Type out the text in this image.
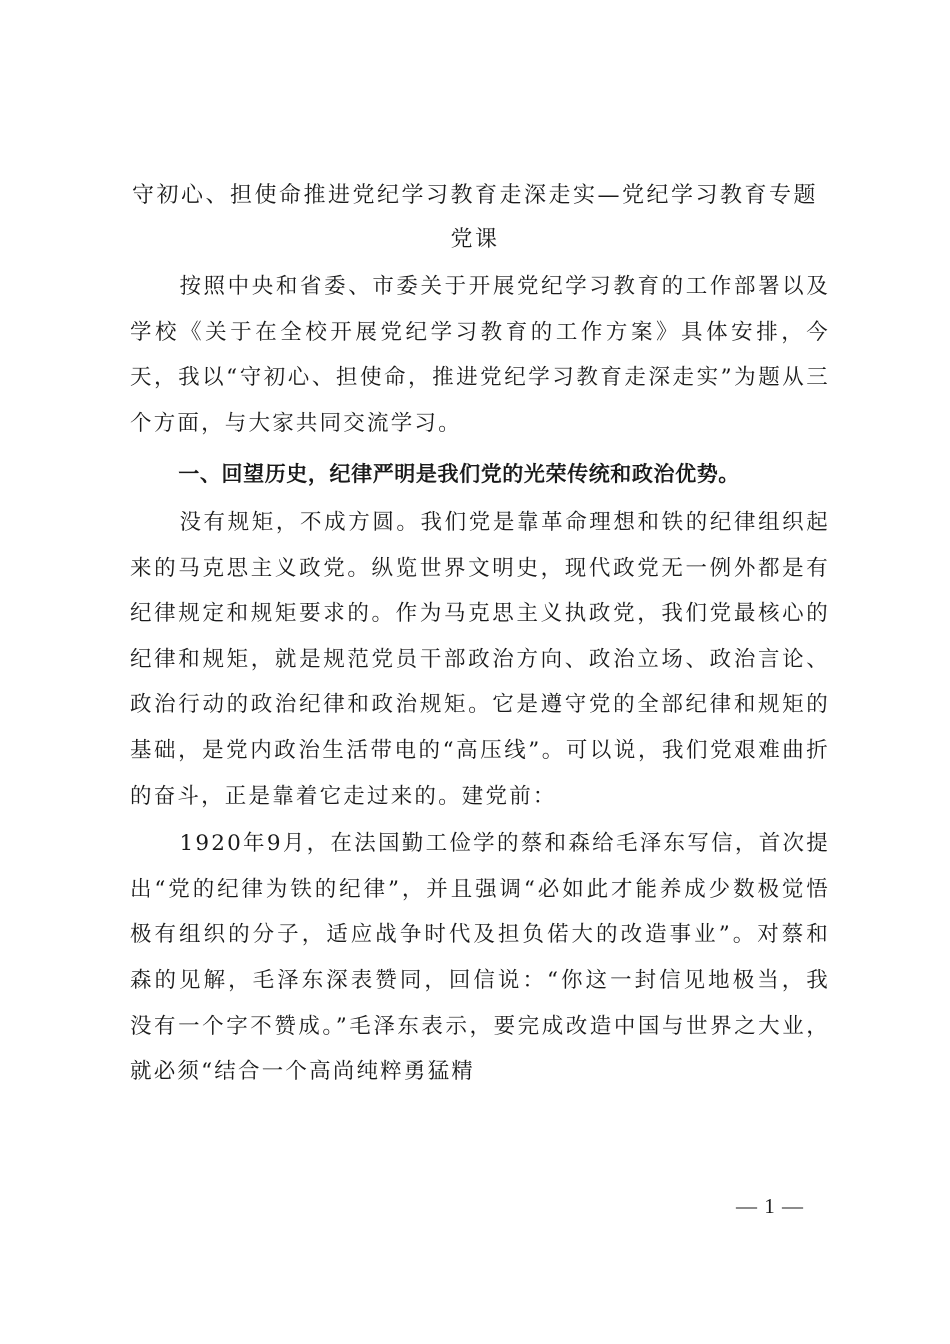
守初心、担使命推进党纪学习教育走深走实—党纪学习教育专题党课

按照中央和省委、市委关于开展党纪学习教育的工作部署以及学校《关于在全校开展党纪学习教育的工作方案》具体安排，今天，我以“守初心、担使命，推进党纪学习教育走深走实”为题从三个方面，与大家共同交流学习。

一、回望历史，纪律严明是我们党的光荣传统和政治优势。

没有规矩，不成方圆。我们党是靠革命理想和铁的纪律组织起来的马克思主义政党。纵览世界文明史，现代政党无一例外都是有纪律规定和规矩要求的。作为马克思主义执政党，我们党最核心的纪律和规矩，就是规范党员干部政治方向、政治立场、政治言论、政治行动的政治纪律和政治规矩。它是遵守党的全部纪律和规矩的基础，是党内政治生活带电的“高压线”。可以说，我们党艰难曲折的奋斗，正是靠着它走过来的。建党前：

1920年9月，在法国勤工俭学的蔡和森给毛泽东写信，首次提出“党的纪律为铁的纪律”，并且强调“必如此才能养成少数极觉悟极有组织的分子，适应战争时代及担负偌大的改造事业”。对蔡和森的见解，毛泽东深表赞同，回信说：“你这一封信见地极当，我没有一个字不赞成。”毛泽东表示，要完成改造中国与世界之大业，就必须“结合一个高尚纯粹勇猛精

— 1 —
